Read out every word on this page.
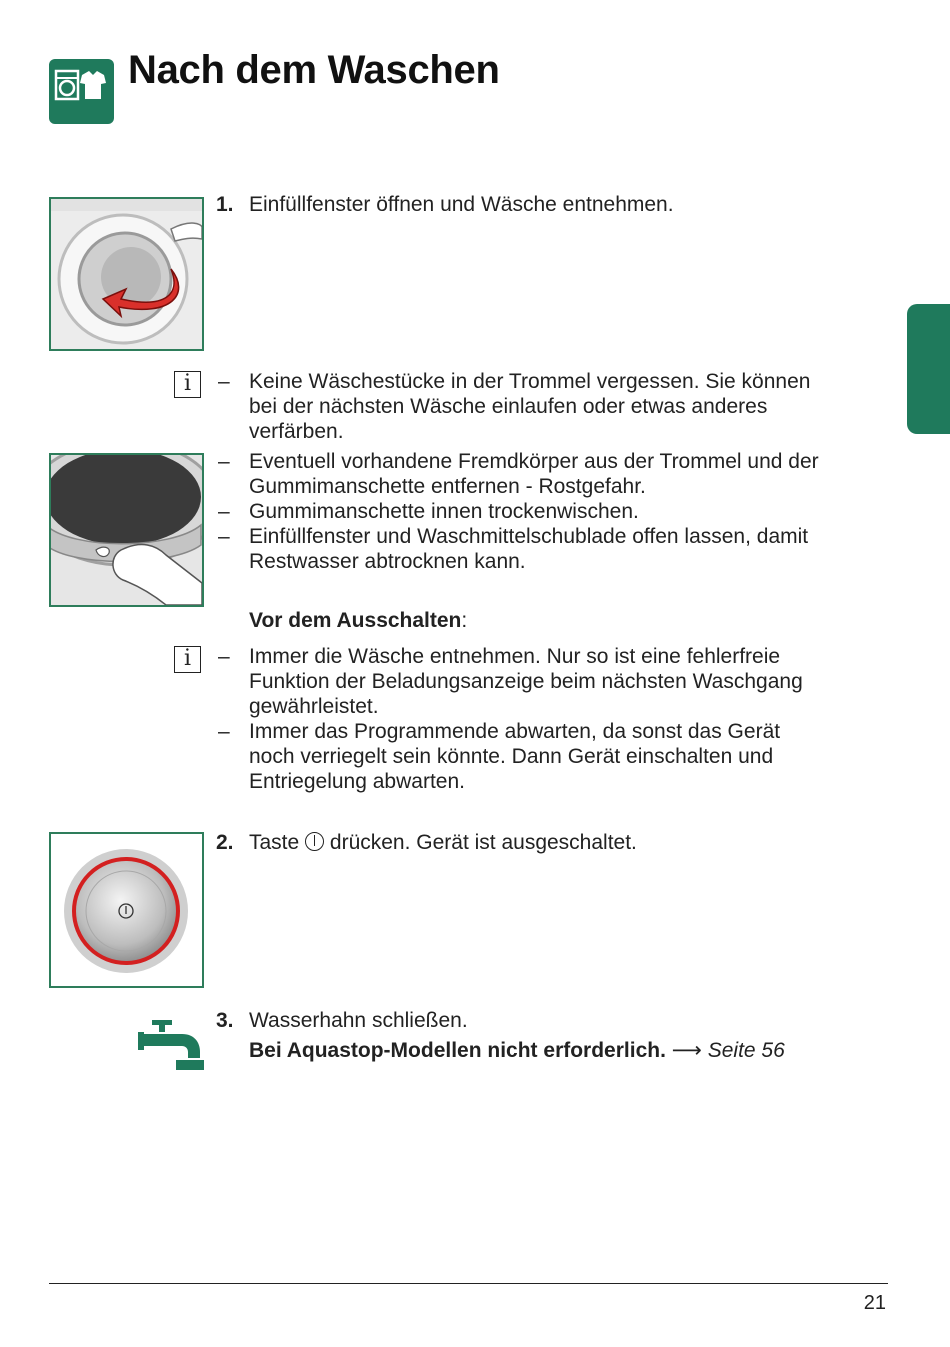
Nach dem Waschen
1. Einfüllfenster öffnen und Wäsche entnehmen.
i	– Keine Wäschestücke in der Trommel vergessen. Sie können
bei der nächsten Wäsche einlaufen oder etwas anderes
verfärben.
– Eventuell vorhandene Fremdkörper aus der Trommel und der
Gummimanschette entfernen - Rostgefahr.
– Gummimanschette innen trockenwischen.
– Einfüllfenster und Waschmittelschublade offen lassen, damit
Restwasser abtrocknen kann.
Vor dem Ausschalten:
i	– Immer die Wäsche entnehmen. Nur so ist eine fehlerfreie
Funktion der Beladungsanzeige beim nächsten Waschgang
gewährleistet.
– Immer das Programmende abwarten, da sonst das Gerät
noch verriegelt sein könnte. Dann Gerät einschalten und
Entriegelung abwarten.
2. Taste drücken. Gerät ist ausgeschaltet.
3. Wasserhahn schließen.
Bei Aquastop-Modellen nicht erforderlich. ⟶ Seite 56
21
